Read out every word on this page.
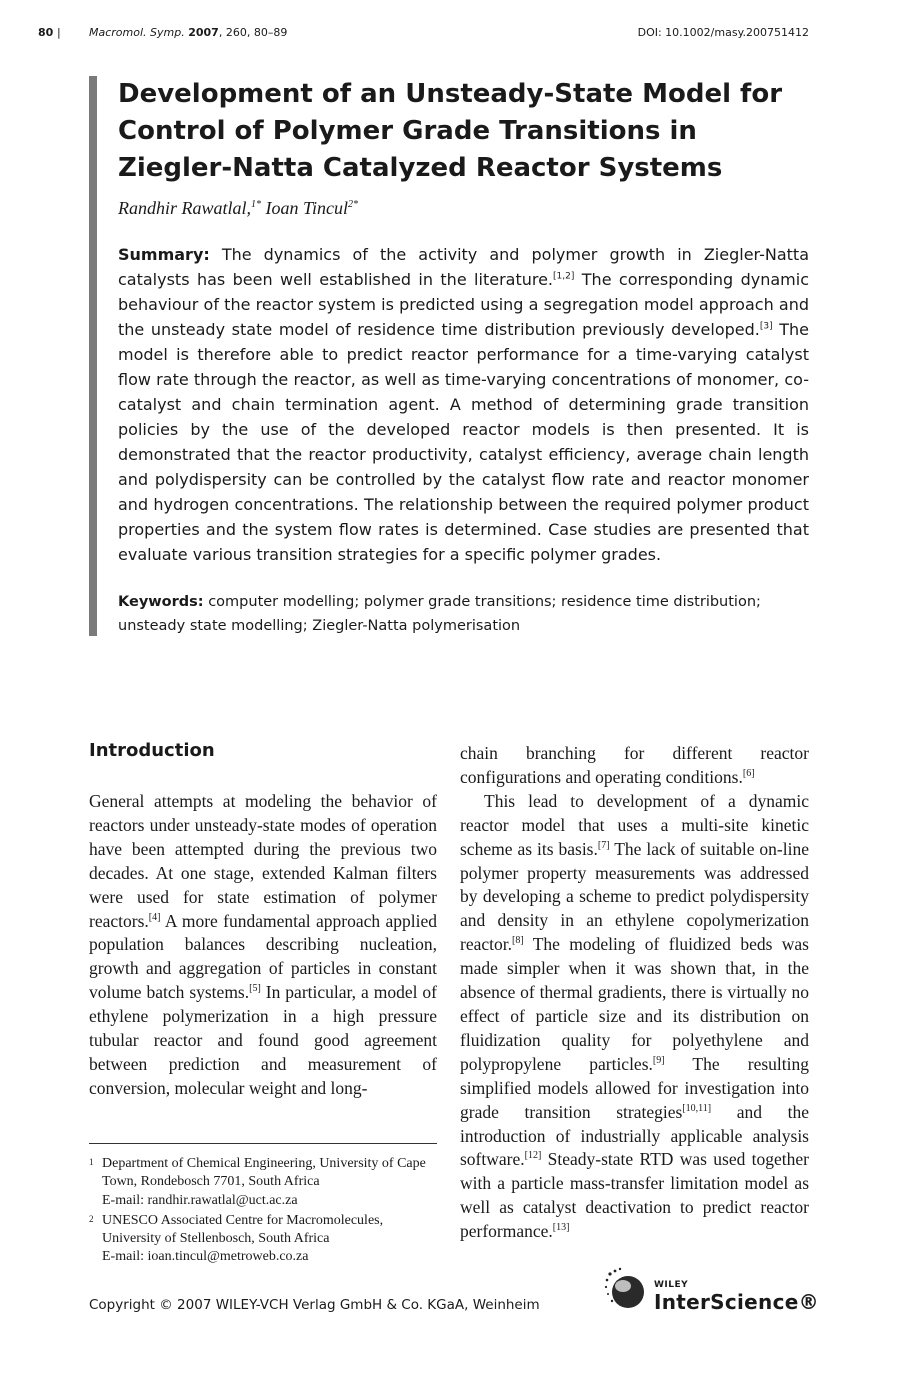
80 |	Macromol. Symp. 2007, 260, 80–89	DOI: 10.1002/masy.200751412
Development of an Unsteady-State Model for Control of Polymer Grade Transitions in Ziegler-Natta Catalyzed Reactor Systems
Randhir Rawatlal,$^{1*}$ Ioan Tincul$^{2*}$

Summary: The dynamics of the activity and polymer growth in Ziegler-Natta catalysts has been well established in the literature.[1,2] The corresponding dynamic behaviour of the reactor system is predicted using a segregation model approach and the unsteady state model of residence time distribution previously developed.[3] The model is therefore able to predict reactor performance for a time-varying catalyst flow rate through the reactor, as well as time-varying concentrations of monomer, co-catalyst and chain termination agent. A method of determining grade transition policies by the use of the developed reactor models is then presented. It is demonstrated that the reactor productivity, catalyst efficiency, average chain length and polydispersity can be controlled by the catalyst flow rate and reactor monomer and hydrogen concentrations. The relationship between the required polymer product properties and the system flow rates is determined. Case studies are presented that evaluate various transition strategies for a specific polymer grades.

Keywords: computer modelling; polymer grade transitions; residence time distribution; unsteady state modelling; Ziegler-Natta polymerisation

Introduction

General attempts at modeling the behavior of reactors under unsteady-state modes of operation have been attempted during the previous two decades. At one stage, extended Kalman filters were used for state estimation of polymer reactors.[4] A more fundamental approach applied population balances describing nucleation, growth and aggregation of particles in constant volume batch systems.[5] In particular, a model of ethylene polymerization in a high pressure tubular reactor and found good agreement between prediction and measurement of conversion, molecular weight and long-

1 Department of Chemical Engineering, University of Cape Town, Rondebosch 7701, South Africa
E-mail: randhir.rawatlal@uct.ac.za
2 UNESCO Associated Centre for Macromolecules, University of Stellenbosch, South Africa
E-mail: ioan.tincul@metroweb.co.za

chain branching for different reactor configurations and operating conditions.[6]

This lead to development of a dynamic reactor model that uses a multi-site kinetic scheme as its basis.[7] The lack of suitable on-line polymer property measurements was addressed by developing a scheme to predict polydispersity and density in an ethylene copolymerization reactor.[8] The modeling of fluidized beds was made simpler when it was shown that, in the absence of thermal gradients, there is virtually no effect of particle size and its distribution on fluidization quality for polyethylene and polypropylene particles.[9] The resulting simplified models allowed for investigation into grade transition strategies[10,11] and the introduction of industrially applicable analysis software.[12] Steady-state RTD was used together with a particle mass-transfer limitation model as well as catalyst deactivation to predict reactor performance.[13]

Copyright © 2007 WILEY-VCH Verlag GmbH & Co. KGaA, Weinheim
WILEY
InterScience®
